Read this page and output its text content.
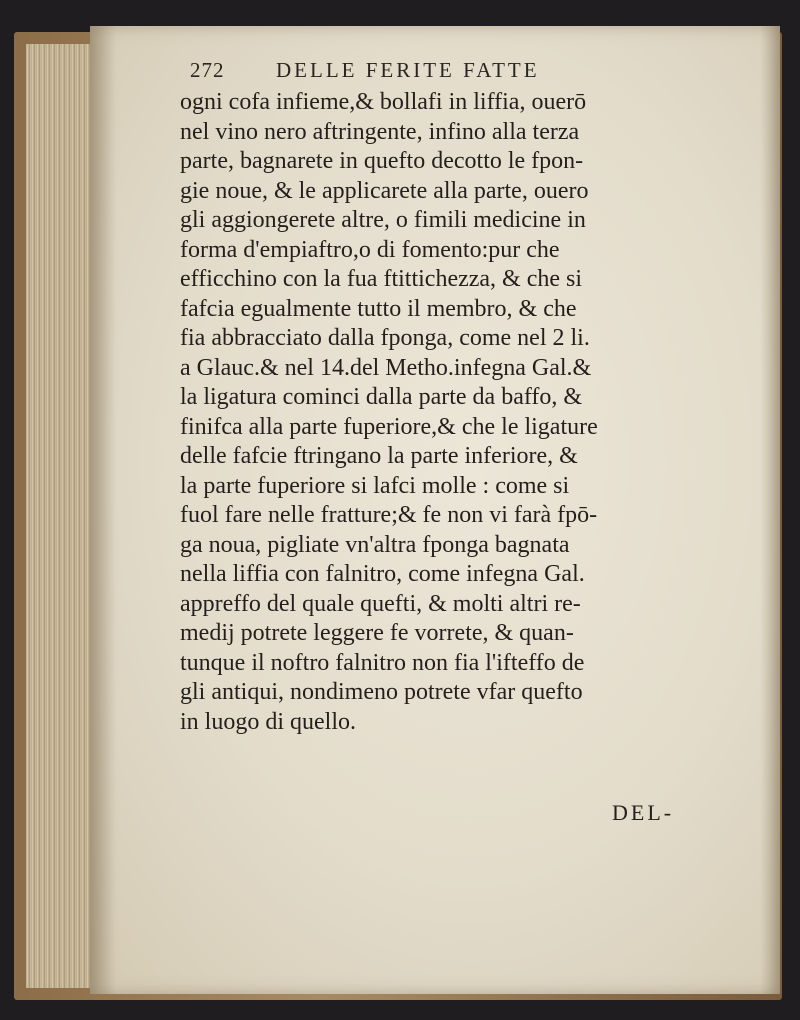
272 DELLE FERITE FATTE
ogni cofa infieme,& bollafi in liffia, ouerō
nel vino nero aftringente, infino alla terza
parte, bagnarete in quefto decotto le fpon-
gie noue, & le applicarete alla parte, ouero
gli aggiongerete altre, o fimili medicine in
forma d'empiaftro,o di fomento:pur che
efficchino con la fua ftittichezza, & che si
fafcia egualmente tutto il membro, & che
fia abbracciato dalla fponga, come nel 2 li.
a Glauc.& nel 14.del Metho.infegna Gal.&
la ligatura cominci dalla parte da baffo, &
finifca alla parte fuperiore,& che le ligature
delle fafcie ftringano la parte inferiore, &
la parte fuperiore si lafci molle : come si
fuol fare nelle fratture;& fe non vi farà fpō-
ga noua, pigliate vn'altra fponga bagnata
nella liffia con falnitro, come infegna Gal.
appreffo del quale quefti, & molti altri re-
medij potrete leggere fe vorrete, & quan-
tunque il noftro falnitro non fia l'ifteffo de
gli antiqui, nondimeno potrete vfar quefto
in luogo di quello.
DEL-
